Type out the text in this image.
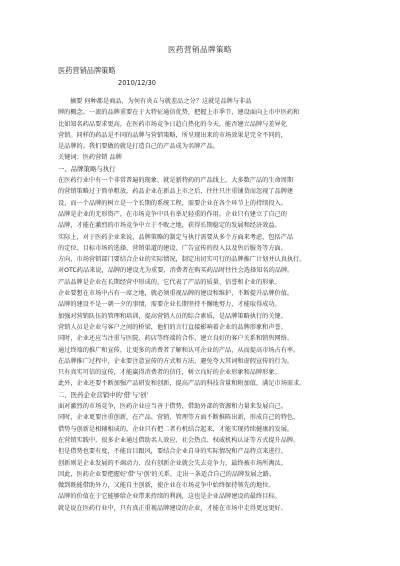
医药营销品牌策略
医药营销品牌策略
2010/12/30
摘要 何种都是商品，为何有炎五与就差品之分？这就是品牌与非品
牌的概念。一流的品牌重要在于大特征通信优势，把握上市季节，建设面向上市中医药和
比如知名药品要求更高，在医药市场竞争日趋白热化的今天，能否建立品牌与差异化
营销。同样的药品是不同的品牌与营销策略，所呈现出来的市场效果是完全不同的，
是品牌的。我们要做的就是打造自己的产品成为名牌产品。
关键词：医药营销 品牌
一、品牌策略与执行
在医药行业中有一个非常普遍的现象，就是新特药的产品线上，大多数产品的生命周期
的营销策略过于简单粗放，药品企业在新品上市之后，往往只注重铺货而忽视了品牌建
设，而一个品牌的树立是一个长期的系统工程，需要企业在各个环节上的持续投入。
品牌是企业的无形资产，在市场竞争中具有举足轻重的作用。企业只有建立了自己的
品牌，才能在激烈的市场竞争中立于不败之地，获得长期稳定的发展和经济效益。
实际上，对于医药企业来说，品牌策略的制定与执行需要从多个方面来考虑，包括产品
的定位、目标市场的选择、营销渠道的建设、广告宣传的投入以及售后服务等方面。
方向，市场营销部门要结合企业的实际情况，制定出切实可行的品牌推广计划并认真执行。
对OTC药品来说，品牌的建设尤为重要，消费者在购买药品时往往会选择知名的品牌。
产品品牌是企业在长期经营中形成的，它代表了产品的质量、信誉和企业的形象。
企业要想在市场中占有一席之地，就必须重视品牌的建设和维护，不断提升品牌价值。
品牌的建设不是一朝一夕的事情，需要企业长期坚持不懈地努力，才能取得成功。
加强对营销队伍的管理和培训，提高营销人员的综合素质，是品牌策略执行的关键。
营销人员是企业与客户之间的桥梁，他们的言行直接影响着企业的品牌形象和声誉。
同时，企业还应当注重与医院、药店等终端的合作，建立良好的客户关系和销售网络。
通过终端的推广和宣传，让更多的消费者了解和认可企业的产品，从而提高市场占有率。
在品牌推广过程中，企业要注意宣传的方式和方法，避免夸大其词和虚假宣传的行为。
只有真实可信的宣传，才能赢得消费者的信任，树立良好的企业形象和品牌形象。
此外，企业还要不断加强产品研发和创新，提高产品的科技含量和附加值，满足市场需求。
二、医药企业营销中的'借'与'创'
面对激烈的市场竞争，医药企业应当善于借势，借助外部的资源和力量来发展自己。
同时，企业更要注重创新，在产品、营销、管理等方面不断推陈出新，形成自己的特色。
借势与创新是相辅相成的，企业只有把二者有机结合起来，才能实现持续健康的发展。
在营销实践中，很多企业通过借助名人效应、社会热点、权威机构认证等方式提升品牌。
但是借势也要有度，不能盲目跟风，要结合企业自身的实际情况和产品特点来进行。
创新则是企业发展的不竭动力，没有创新企业就会失去竞争力，最终被市场所淘汰。
因此，医药企业要把握好'借'与'创'的关系，走出一条适合自己的品牌发展之路。
做到既能借助外力，又能自主创新，使企业在市场竞争中始终保持领先的地位。
品牌的价值在于它能够给企业带来持续的利润，这也是企业品牌建设的最终目标。
就是说在医药行业中，只有真正重视品牌建设的企业，才能在市场中走得更远更好。
